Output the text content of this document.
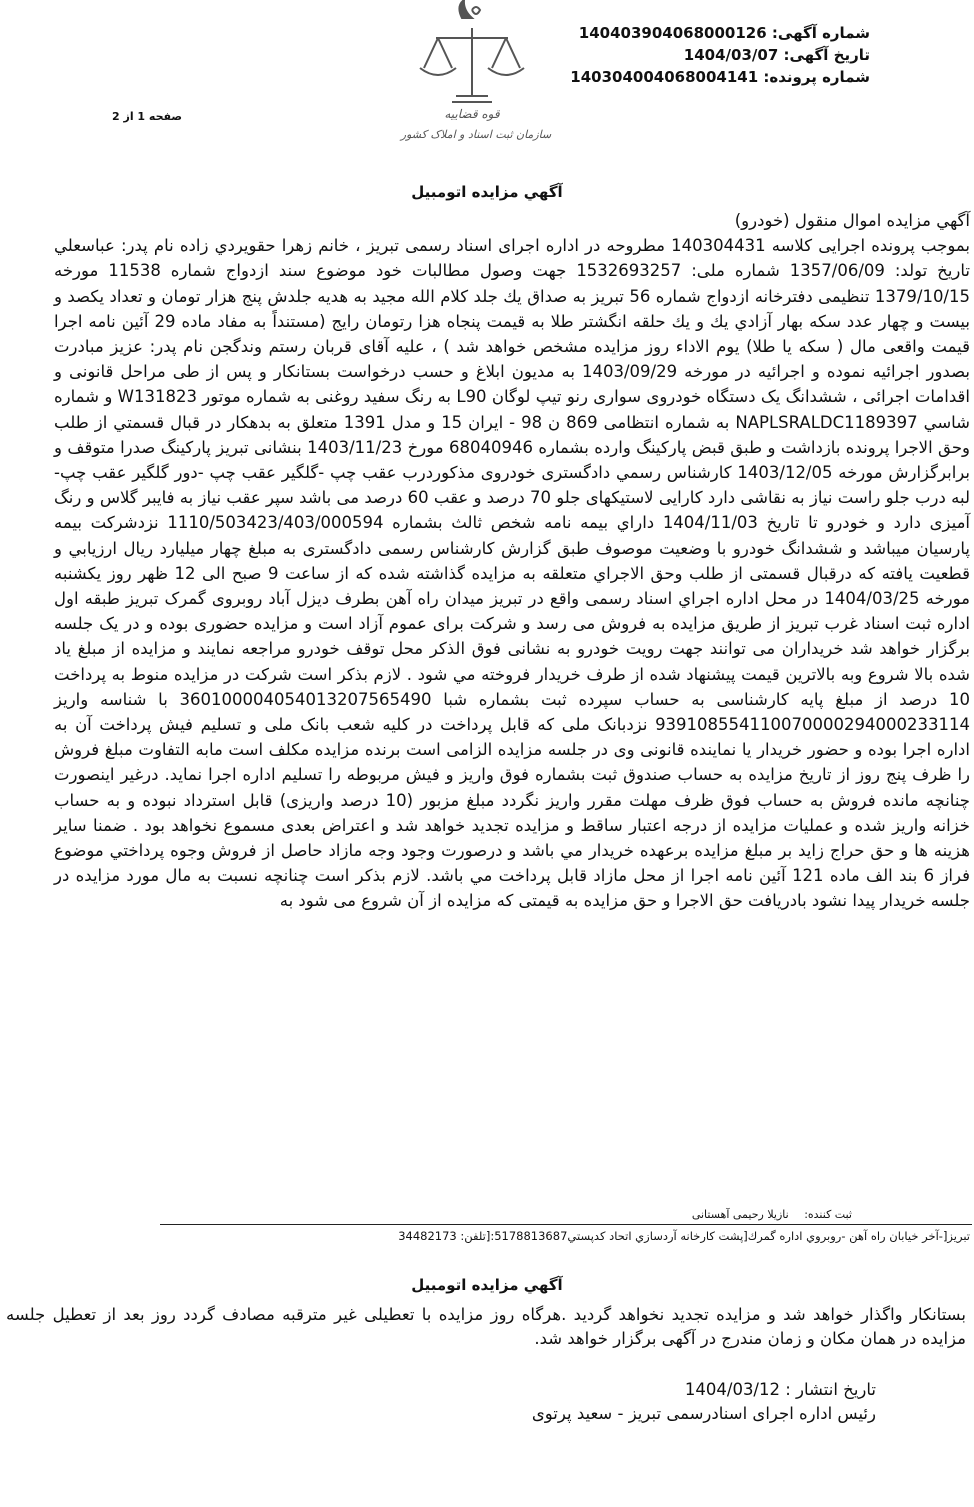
شماره آگهی: 14040390406800012‌6
تاریخ آگهی: 1404/03/07
شماره پرونده: 14030400406800414‌1
قوه قضاییه
سازمان ثبت اسناد و املاک کشور
صفحه 1 از 2
آگهي مزايده اتومبيل
آگهي مزايده اموال منقول (خودرو)
بموجب پرونده اجرایی کلاسه 140304431 مطروحه در اداره اجرای اسناد رسمی تبریز ، خانم زهرا حقويردي زاده نام پدر: عباسعلي تاريخ تولد: 1357/06/09 شماره ملی: 1532693257 جهت وصول مطالبات خود موضوع سند ازدواج شماره 11538 مورخه 1379/10/15 تنظیمی دفترخانه ازدواج شماره 56 تبریز به صداق يك جلد كلام الله مجيد به هديه جلدش پنج هزار تومان و تعداد يكصد و بيست و چهار عدد سكه بهار آزادي يك و يك حلقه انگشتر طلا به قيمت پنجاه هزا رتومان رايج (مستنداً به مفاد ماده 29 آئين نامه اجرا قيمت واقعی مال ( سکه یا طلا) يوم الاداء روز مزايده مشخص خواهد شد ) ، علیه آقای قربان رستم وندگجن نام پدر: عزيز مبادرت بصدور اجرائیه نموده و اجرائیه در مورخه 1403/09/29 به مديون ابلاغ و حسب درخواست بستانكار و پس از طی مراحل قانونی و اقدامات اجرائی ، ششدانگ يک دستگاه خودروی سواری رنو تیپ لوگان L90 به رنگ سفید روغنی به شماره موتور W131823 و شماره شاسي NAPLSRALDC1189397 به شماره انتظامی 869 ن 98 - ايران 15 و مدل 1391 متعلق به بدهكار در قبال قسمتي از طلب وحق الاجرا پرونده بازداشت و طبق قبض پاركينگ وارده بشماره 68040946 مورخ 1403/11/23 بنشانی تبریز پارکینگ صدرا متوقف و برابرگزارش مورخه 1403/12/05 كارشناس رسمي دادگستری خودروی مذكوردرب عقب چپ -گلگیر عقب چپ -دور گلگیر عقب چپ-لبه درب جلو راست نیاز به نقاشی دارد کارایی لاستیکهای جلو 70 درصد و عقب 60 درصد می باشد سپر عقب نیاز به فایبر گلاس و رنگ آمیزی دارد و خودرو تا تاریخ 1404/11/03 داراي بيمه نامه شخص ثالث بشماره 1110/503423/403/000594 نزدشركت بيمه پارسيان ميباشد و ششدانگ خودرو با وضعيت موصوف طبق گزارش كارشناس رسمی دادگستری به مبلغ چهار میلیارد ریال ارزيابي و قطعيت يافته كه درقبال قسمتی از طلب وحق الاجراي متعلقه به مزايده گذاشته شده كه از ساعت 9 صبح الی 12 ظهر روز یکشنبه مورخه 1404/03/25 در محل اداره اجراي اسناد رسمی واقع در تبریز میدان راه آهن بطرف دیزل آباد روبروی گمرک تبریز طبقه اول اداره ثبت اسناد غرب تبریز از طریق مزایده به فروش می رسد و شرکت برای عموم آزاد است و مزايده حضوری بوده و در یک جلسه برگزار خواهد شد خریداران می توانند جهت رویت خودرو به نشانی فوق الذکر محل توقف خودرو مراجعه نمايند و مزايده از مبلغ ياد شده بالا شروع وبه بالاترين قيمت پيشنهاد شده از طرف خريدار فروخته مي شود . لازم بذكر است شرکت در مزایده منوط به پرداخت 10 درصد از مبلغ پایه کارشناسی به حساب سپرده ثبت بشماره شبا 360100004054013207565490 با شناسه واریز 939108554110070000294000233114 نزدبانک ملی كه قابل پرداخت در كليه شعب بانک ملی و تسليم فيش پرداخت آن به اداره اجرا بوده و حضور خريدار يا نماينده قانونی وی در جلسه مزايده الزامی است برنده مزایده مکلف است مابه التفاوت مبلغ فروش را ظرف پنج روز از تاريخ مزايده به حساب صندوق ثبت بشماره فوق واريز و فيش مربوطه را تسليم اداره اجرا نمايد. درغير اينصورت چنانچه مانده فروش به حساب فوق ظرف مهلت مقرر واريز نگردد مبلغ مزبور (10 درصد واريزی) قابل استرداد نبوده و به حساب خزانه واريز شده و عمليات مزايده از درجه اعتبار ساقط و مزايده تجديد خواهد شد و اعتراض بعدی مسموع نخواهد بود . ضمنا ساير هزينه ها و حق حراج زايد بر مبلغ مزايده برعهده خريدار مي باشد و درصورت وجود وجه مازاد حاصل از فروش وجوه پرداختي موضوع فراز 6 بند الف ماده 121 آئين نامه اجرا از محل مازاد قابل پرداخت مي باشد. لازم بذكر است چنانچه نسبت به مال مورد مزايده در جلسه خريدار پيدا نشود بادريافت حق الاجرا و حق مزايده به قيمتی كه مزايده از آن شروع می شود به
ثبت کننده: نازیلا رحیمی آهستانی
تبريز[-آخر خيابان راه آهن -روبروي اداره گمرك[پشت كارخانه آردسازي اتحاد كدپستي5178813687:[تلفن: 34482173
آگهي مزايده اتومبيل
بستانكار واگذار خواهد شد و مزايده تجديد نخواهد گرديد .هرگاه روز مزايده با تعطيلی غير مترقبه مصادف گردد روز بعد از تعطيل جلسه مزايده در همان مكان و زمان مندرج در آگهی برگزار خواهد شد.
تاریخ انتشار : 1404/03/12
رئیس اداره اجرای اسنادرسمی تبریز - سعید پرتوی
